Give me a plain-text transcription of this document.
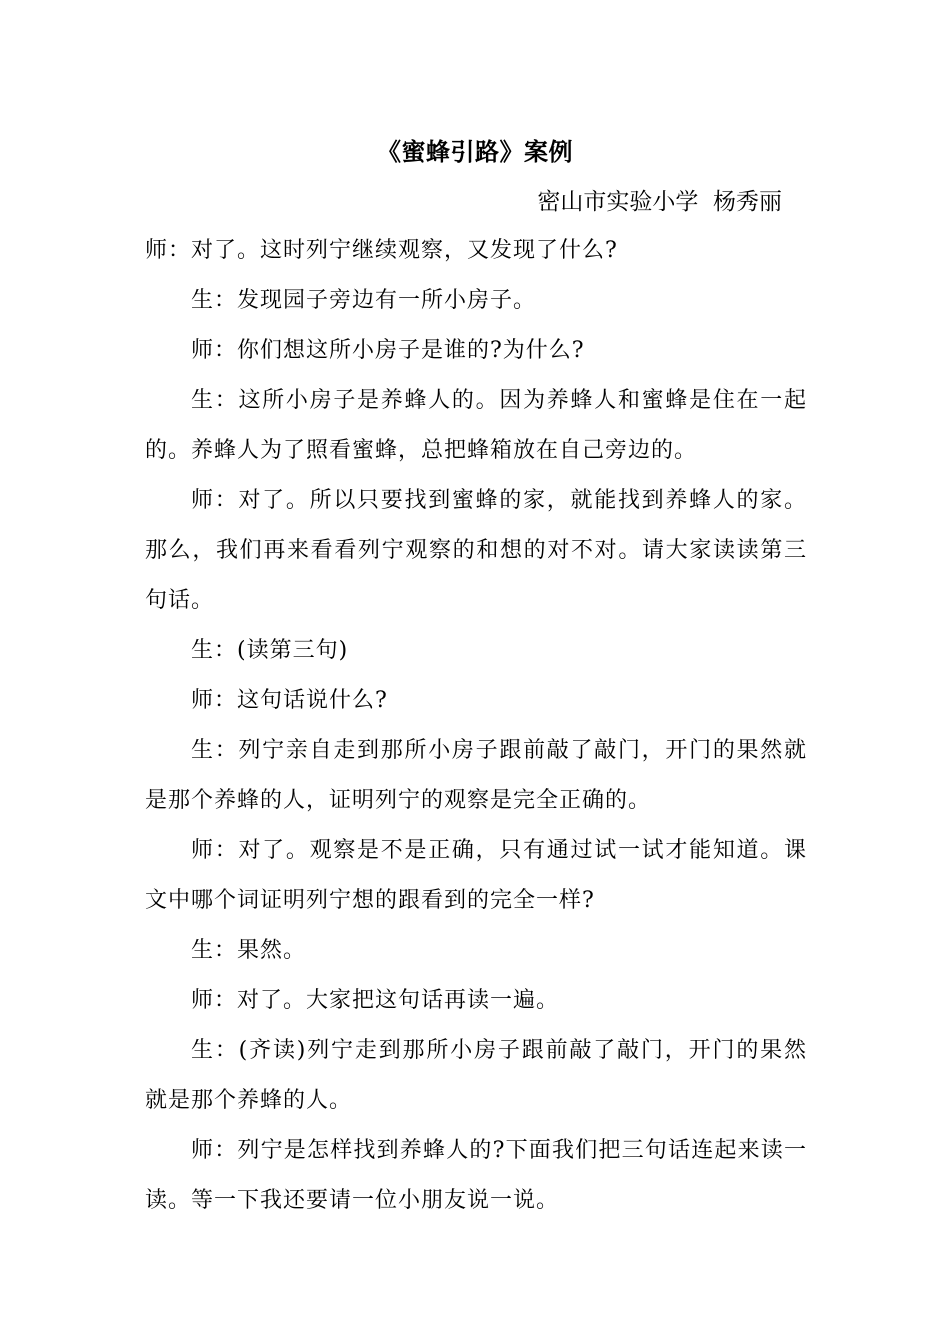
《蜜蜂引路》案例
密山市实验小学  杨秀丽

师：对了。这时列宁继续观察，又发现了什么?

生：发现园子旁边有一所小房子。

师：你们想这所小房子是谁的?为什么?

生：这所小房子是养蜂人的。因为养蜂人和蜜蜂是住在一起的。养蜂人为了照看蜜蜂，总把蜂箱放在自己旁边的。

师：对了。所以只要找到蜜蜂的家，就能找到养蜂人的家。那么，我们再来看看列宁观察的和想的对不对。请大家读读第三句话。

生：(读第三句)

师：这句话说什么?

生：列宁亲自走到那所小房子跟前敲了敲门，开门的果然就是那个养蜂的人，证明列宁的观察是完全正确的。

师：对了。观察是不是正确，只有通过试一试才能知道。课文中哪个词证明列宁想的跟看到的完全一样?

生：果然。

师：对了。大家把这句话再读一遍。

生：(齐读)列宁走到那所小房子跟前敲了敲门，开门的果然就是那个养蜂的人。

师：列宁是怎样找到养蜂人的?下面我们把三句话连起来读一读。等一下我还要请一位小朋友说一说。
